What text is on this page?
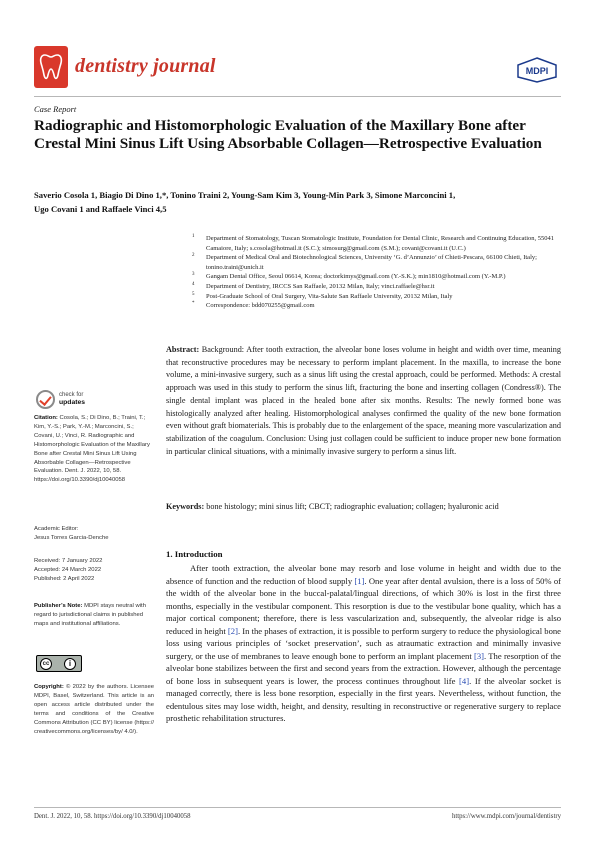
dentistry journal	MDPI
Case Report
Radiographic and Histomorphologic Evaluation of the Maxillary Bone after Crestal Mini Sinus Lift Using Absorbable Collagen—Retrospective Evaluation
Saverio Cosola 1, Biagio Di Dino 1,*, Tonino Traini 2, Young-Sam Kim 3, Young-Min Park 3, Simone Marconcini 1,
Ugo Covani 1 and Raffaele Vinci 4,5
1 Department of Stomatology, Tuscan Stomatologic Institute, Foundation for Dental Clinic, Research and Continuing Education, 55041 Camaiore, Italy; s.cosola@hotmail.it (S.C.); simosurg@gmail.com (S.M.); covani@covani.it (U.C.)
2 Department of Medical Oral and Biotechnological Sciences, University ‘G. d’Annunzio’ of Chieti-Pescara, 66100 Chieti, Italy; tonino.traini@unich.it
3 Gangam Dental Office, Seoul 06614, Korea; doctorkimys@gmail.com (Y.-S.K.); min1810@hotmail.com (Y.-M.P.)
4 Department of Dentistry, IRCCS San Raffaele, 20132 Milan, Italy; vinci.raffaele@hsr.it
5 Post-Graduate School of Oral Surgery, Vita-Salute San Raffaele University, 20132 Milan, Italy
* Correspondence: bdd070255@gmail.com
Abstract: Background: After tooth extraction, the alveolar bone loses volume in height and width over time, meaning that reconstructive procedures may be necessary to perform implant placement. In the maxilla, to increase the bone volume, a mini-invasive surgery, such as a sinus lift using the crestal approach, could be performed. Methods: A crestal approach was used in this study to perform the sinus lift, fracturing the bone and inserting collagen (Condress®). The single dental implant was placed in the healed bone after six months. Results: The newly formed bone was histologically analyzed after healing. Histomorphological analyses confirmed the quality of the new bone formation even without graft biomaterials. This is probably due to the enlargement of the space, meaning more vascularization and stabilization of the coagulum. Conclusion: Using just collagen could be sufficient to induce proper new bone formation in particular clinical situations, with a minimally invasive surgery to perform a sinus lift.
Keywords: bone histology; mini sinus lift; CBCT; radiographic evaluation; collagen; hyaluronic acid
check for
updates
Citation: Cosola, S.; Di Dino, B.; Traini, T.; Kim, Y.-S.; Park, Y.-M.; Marconcini, S.; Covani, U.; Vinci, R. Radiographic and Histomorphologic Evaluation of the Maxillary Bone after Crestal Mini Sinus Lift Using Absorbable Collagen—Retrospective Evaluation. Dent. J. 2022, 10, 58. https://doi.org/10.3390/dj10040058
Academic Editor:
Jesus Torres Garcia-Denche
Received: 7 January 2022
Accepted: 24 March 2022
Published: 2 April 2022
Publisher’s Note: MDPI stays neutral with regard to jurisdictional claims in published maps and institutional affiliations.
cc	i
Copyright: © 2022 by the authors. Licensee MDPI, Basel, Switzerland. This article is an open access article distributed under the terms and conditions of the Creative Commons Attribution (CC BY) license (https:// creativecommons.org/licenses/by/ 4.0/).
1. Introduction
After tooth extraction, the alveolar bone may resorb and lose volume in height and width due to the absence of function and the reduction of blood supply [1]. One year after dental avulsion, there is a loss of 50% of the width of the alveolar bone in the buccal-palatal/lingual directions, of which 30% is lost in the first three months, especially in the vestibular component. This resorption is due to the vestibular bone quality, which has a major cortical component; therefore, there is less vascularization and, subsequently, the alveolar ridge is also reduced in height [2]. In the phases of extraction, it is possible to perform surgery to reduce the physiological bone loss using various principles of ‘socket preservation’, such as atraumatic extraction and minimally invasive surgery, or the use of membranes to leave enough bone to perform an implant placement [3]. The resorption of the alveolar bone stabilizes between the first and second years from the extraction. However, although the percentage of bone loss in subsequent years is lower, the process continues throughout life [4]. If the alveolar socket is managed correctly, there is less bone resorption, especially in the first years. Nevertheless, without function, the edentulous sites may lose width, height, and density, resulting in reconstructive or regenerative surgery to replace prosthetic rehabilitation structures.
Dent. J. 2022, 10, 58. https://doi.org/10.3390/dj10040058	https://www.mdpi.com/journal/dentistry
